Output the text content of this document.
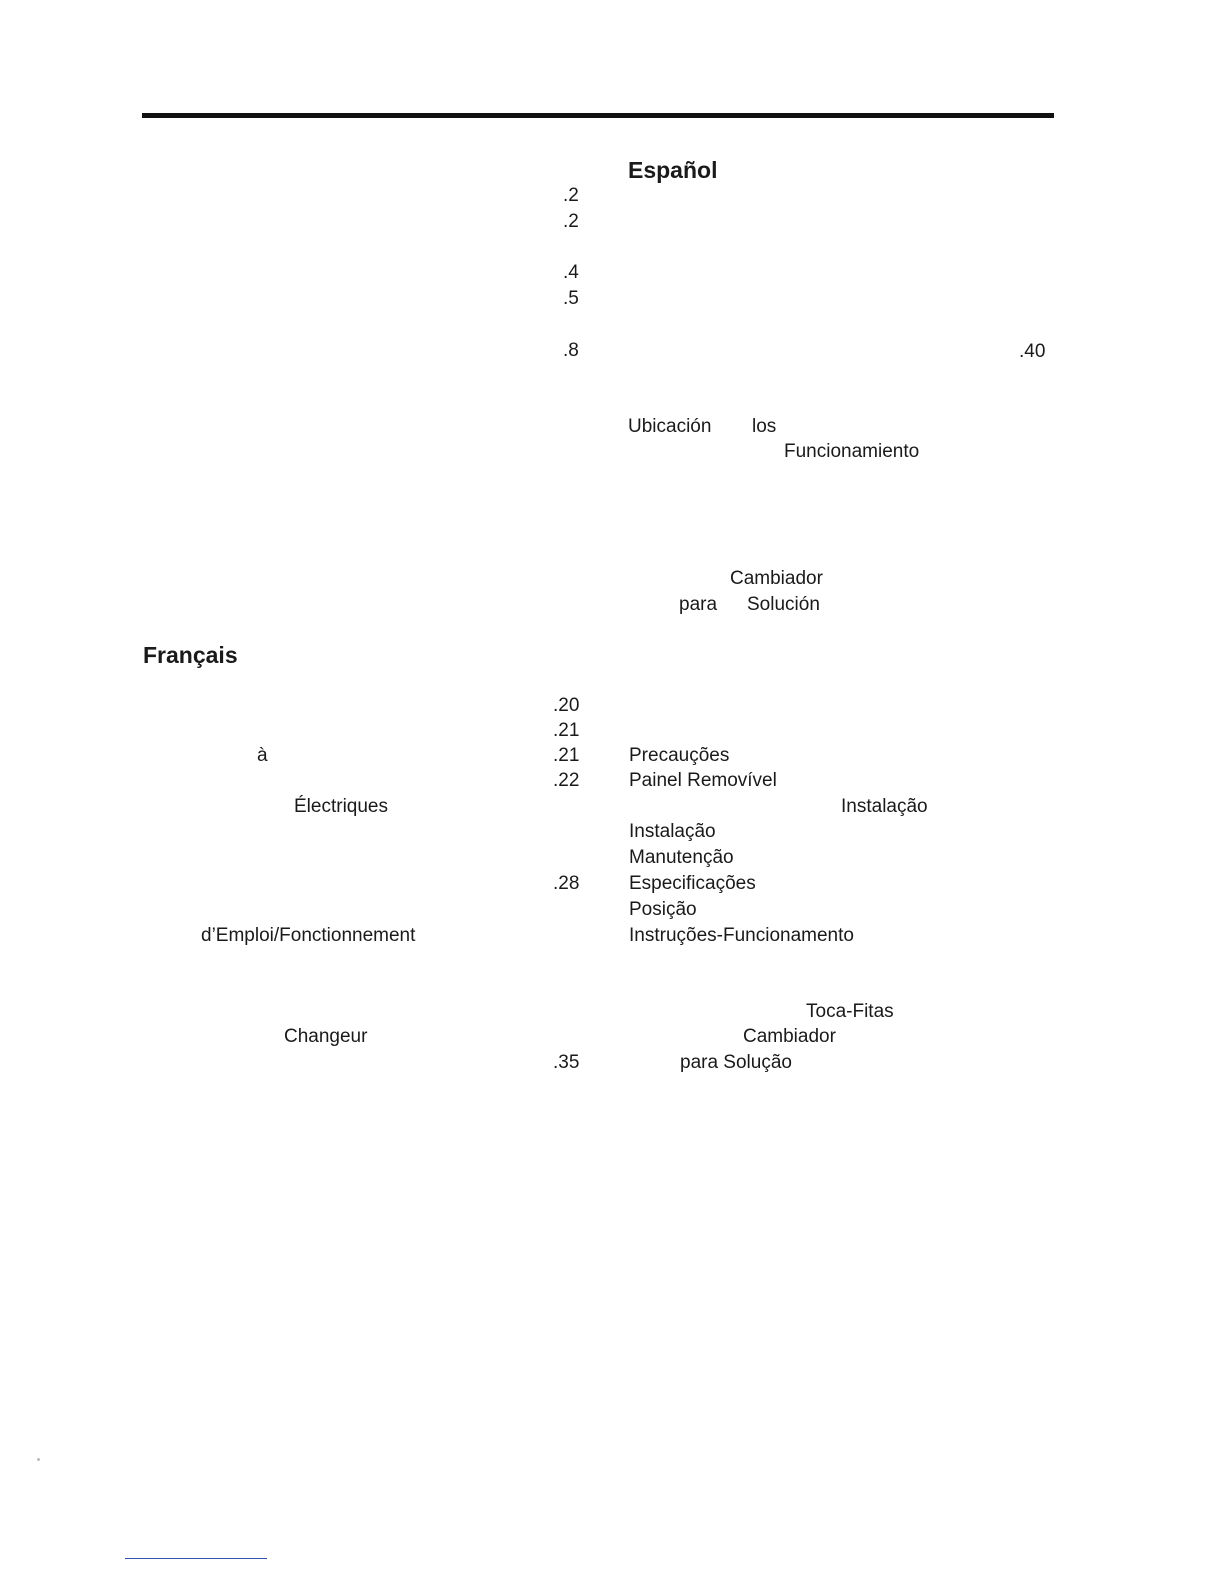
.2
.2
.4
.5
.8
Español
.40
Ubicación los
Funcionamiento
Cambiador
para Solución
Français
.20
.21
.21
.22
.28
.35
à
Électriques
d’Emploi/Fonctionnement
Changeur
Precauções
Painel Removível
Instalação
Instalação
Manutenção
Especificações
Posição
Instruções-Funcionamento
Toca-Fitas
Cambiador
para Solução
